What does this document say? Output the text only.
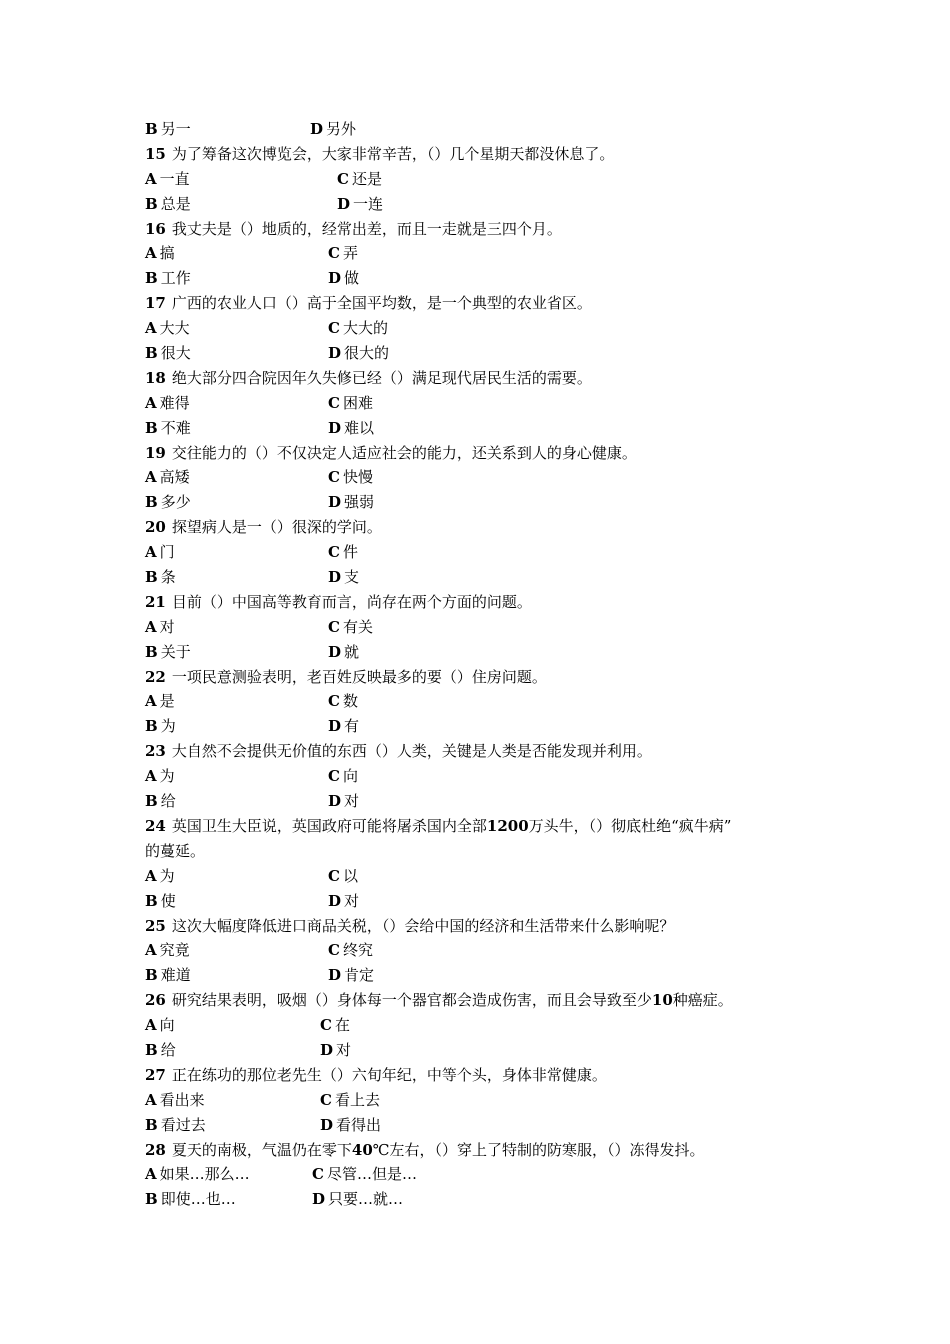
B 另一	D 另外
15 为了筹备这次博览会，大家非常辛苦，（）几个星期天都没休息了。
A 一直	C 还是
B 总是	D 一连
16 我丈夫是（）地质的，经常出差，而且一走就是三四个月。
A 搞	C 弄
B 工作	D 做
17 广西的农业人口（）高于全国平均数，是一个典型的农业省区。
A 大大	C 大大的
B 很大	D 很大的
18 绝大部分四合院因年久失修已经（）满足现代居民生活的需要。
A 难得	C 困难
B 不难	D 难以
19 交往能力的（）不仅决定人适应社会的能力，还关系到人的身心健康。
A 高矮	C 快慢
B 多少	D 强弱
20 探望病人是一（）很深的学问。
A 门	C 件
B 条	D 支
21 目前（）中国高等教育而言，尚存在两个方面的问题。
A 对	C 有关
B 关于	D 就
22 一项民意测验表明，老百姓反映最多的要（）住房问题。
A 是	C 数
B 为	D 有
23 大自然不会提供无价值的东西（）人类，关键是人类是否能发现并利用。
A 为	C 向
B 给	D 对
24 英国卫生大臣说，英国政府可能将屠杀国内全部1200万头牛，（）彻底杜绝“疯牛病”
的蔓延。
A 为	C 以
B 使	D 对
25 这次大幅度降低进口商品关税，（）会给中国的经济和生活带来什么影响呢？
A 究竟	C 终究
B 难道	D 肯定
26 研究结果表明，吸烟（）身体每一个器官都会造成伤害，而且会导致至少10种癌症。
A 向	C 在
B 给	D 对
27 正在练功的那位老先生（）六旬年纪，中等个头，身体非常健康。
A 看出来	C 看上去
B 看过去	D 看得出
28 夏天的南极，气温仍在零下40℃左右，（）穿上了特制的防寒服，（）冻得发抖。
A 如果…那么…	C 尽管…但是…
B 即使…也…	D 只要…就…
